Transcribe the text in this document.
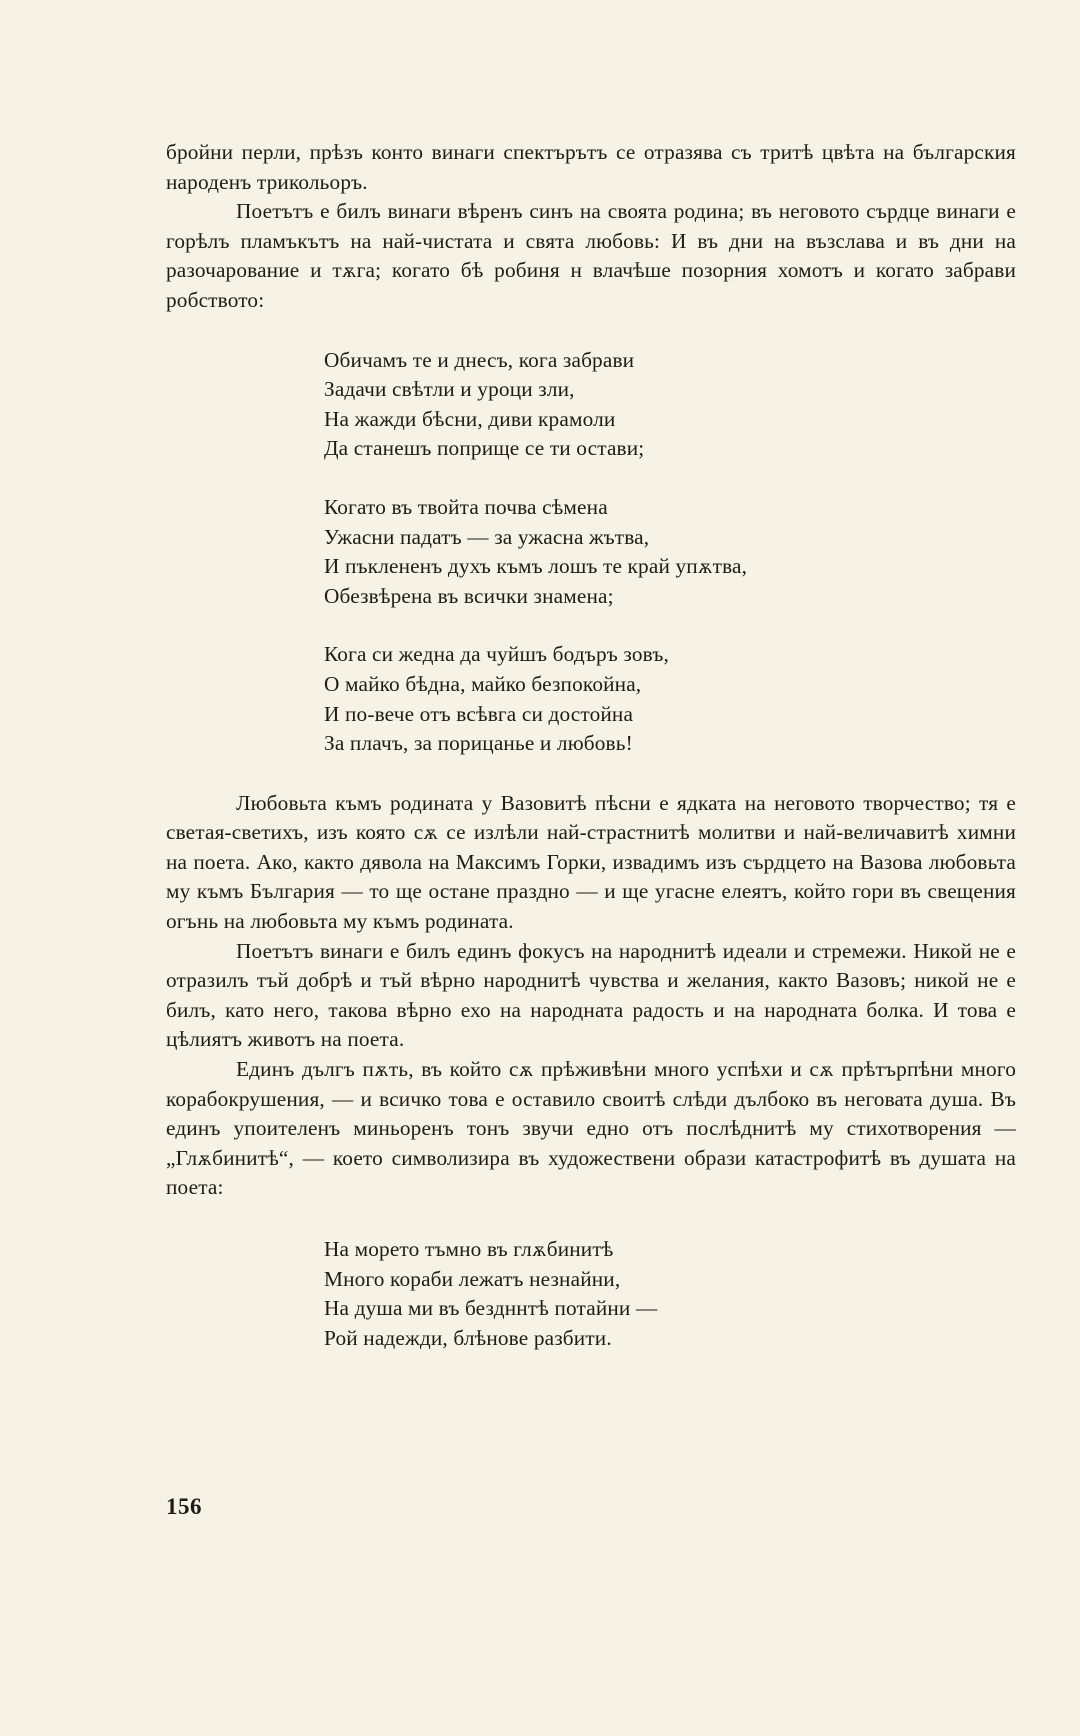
бройни перли, прѣзъ конто винаги спектърътъ се отразява съ тритѣ цвѣта на българския народенъ трикольоръ.

Поетътъ е билъ винаги вѣренъ синъ на своята родина; въ неговото сърдце винаги е горѣлъ пламъкътъ на най-чистата и свята любовь: И въ дни на възслава и въ дни на разочарование и тѫга; когато бѣ робиня н влачѣше позорния хомотъ и когато забрави робството:

Обичамъ те и днесъ, кога забрави
Задачи свѣтли и уроци зли,
На жажди бѣсни, диви крамоли
Да станешъ поприще се ти остави;
Когато въ твойта почва сѣмена
Ужасни падатъ — за ужасна жътва,
И пъклененъ духъ къмъ лошъ те край упѫтва,
Обезвѣрена въ всички знамена;
Кога си жедна да чуйшъ бодъръ зовъ,
О майко бѣдна, майко безпокойна,
И по-вече отъ всѣвга си достойна
За плачъ, за порицанье и любовь!

Любовьта къмъ родината у Вазовитѣ пѣсни е ядката на неговото творчество; тя е светая-светихъ, изъ която сѫ се излѣли най-страстнитѣ молитви и най-величавитѣ химни на поета. Ако, както дявола на Максимъ Горки, извадимъ изъ сърдцето на Вазова любовьта му къмъ България — то ще остане праздно — и ще угасне елеятъ, който гори въ свещения огънь на любовьта му къмъ родината.

Поетътъ винаги е билъ единъ фокусъ на народнитѣ идеали и стремежи. Никой не е отразилъ тъй добрѣ и тъй вѣрно народнитѣ чувства и желания, както Вазовъ; никой не е билъ, като него, такова вѣрно ехо на народната радость и на народната болка. И това е цѣлиятъ животъ на поета.

Единъ дългъ пѫть, въ който сѫ прѣживѣни много успѣхи и сѫ прѣтърпѣни много корабокрушения, — и всичко това е оставило своитѣ слѣди дълбоко въ неговата душа. Въ единъ упоителенъ миньоренъ тонъ звучи едно отъ послѣднитѣ му стихотворения — „Глѫбинитѣ“, — което символизира въ художествени образи катастрофитѣ въ душата на поета:

На морето тъмно въ глѫбинитѣ
Много кораби лежатъ незнайни,
На душа ми въ бездннтѣ потайни —
Рой надежди, блѣнове разбити.
156
